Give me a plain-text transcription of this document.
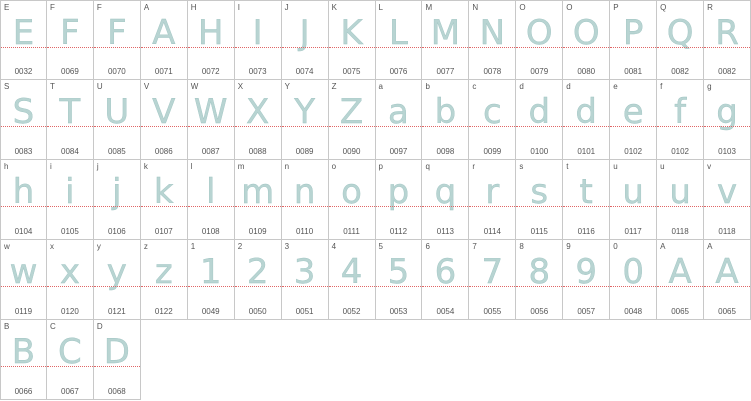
E
E
0032
F
F
0069
F
F
0070
A
A
0071
H
H
0072
I
I
0073
J
J
0074
K
K
0075
L
L
0076
M
M
0077
N
N
0078
O
O
0079
O
O
0080
P
P
0081
Q
Q
0082
R
R
0082
S
S
0083
T
T
0084
U
U
0085
V
V
0086
W
W
0087
X
X
0088
Y
Y
0089
Z
Z
0090
a
a
0097
b
b
0098
c
c
0099
d
d
0100
d
d
0101
e
e
0102
f
f
0102
g
g
0103
h
h
0104
i
i
0105
j
j
0106
k
k
0107
l
l
0108
m
m
0109
n
n
0110
o
o
0111
p
p
0112
q
q
0113
r
r
0114
s
s
0115
t
t
0116
u
u
0117
u
u
0118
v
v
0118
w
w
0119
x
x
0120
y
y
0121
z
z
0122
1
1
0049
2
2
0050
3
3
0051
4
4
0052
5
5
0053
6
6
0054
7
7
0055
8
8
0056
9
9
0057
0
0
0048
A
A
0065
A
A
0065
B
B
0066
C
C
0067
D
D
0068
